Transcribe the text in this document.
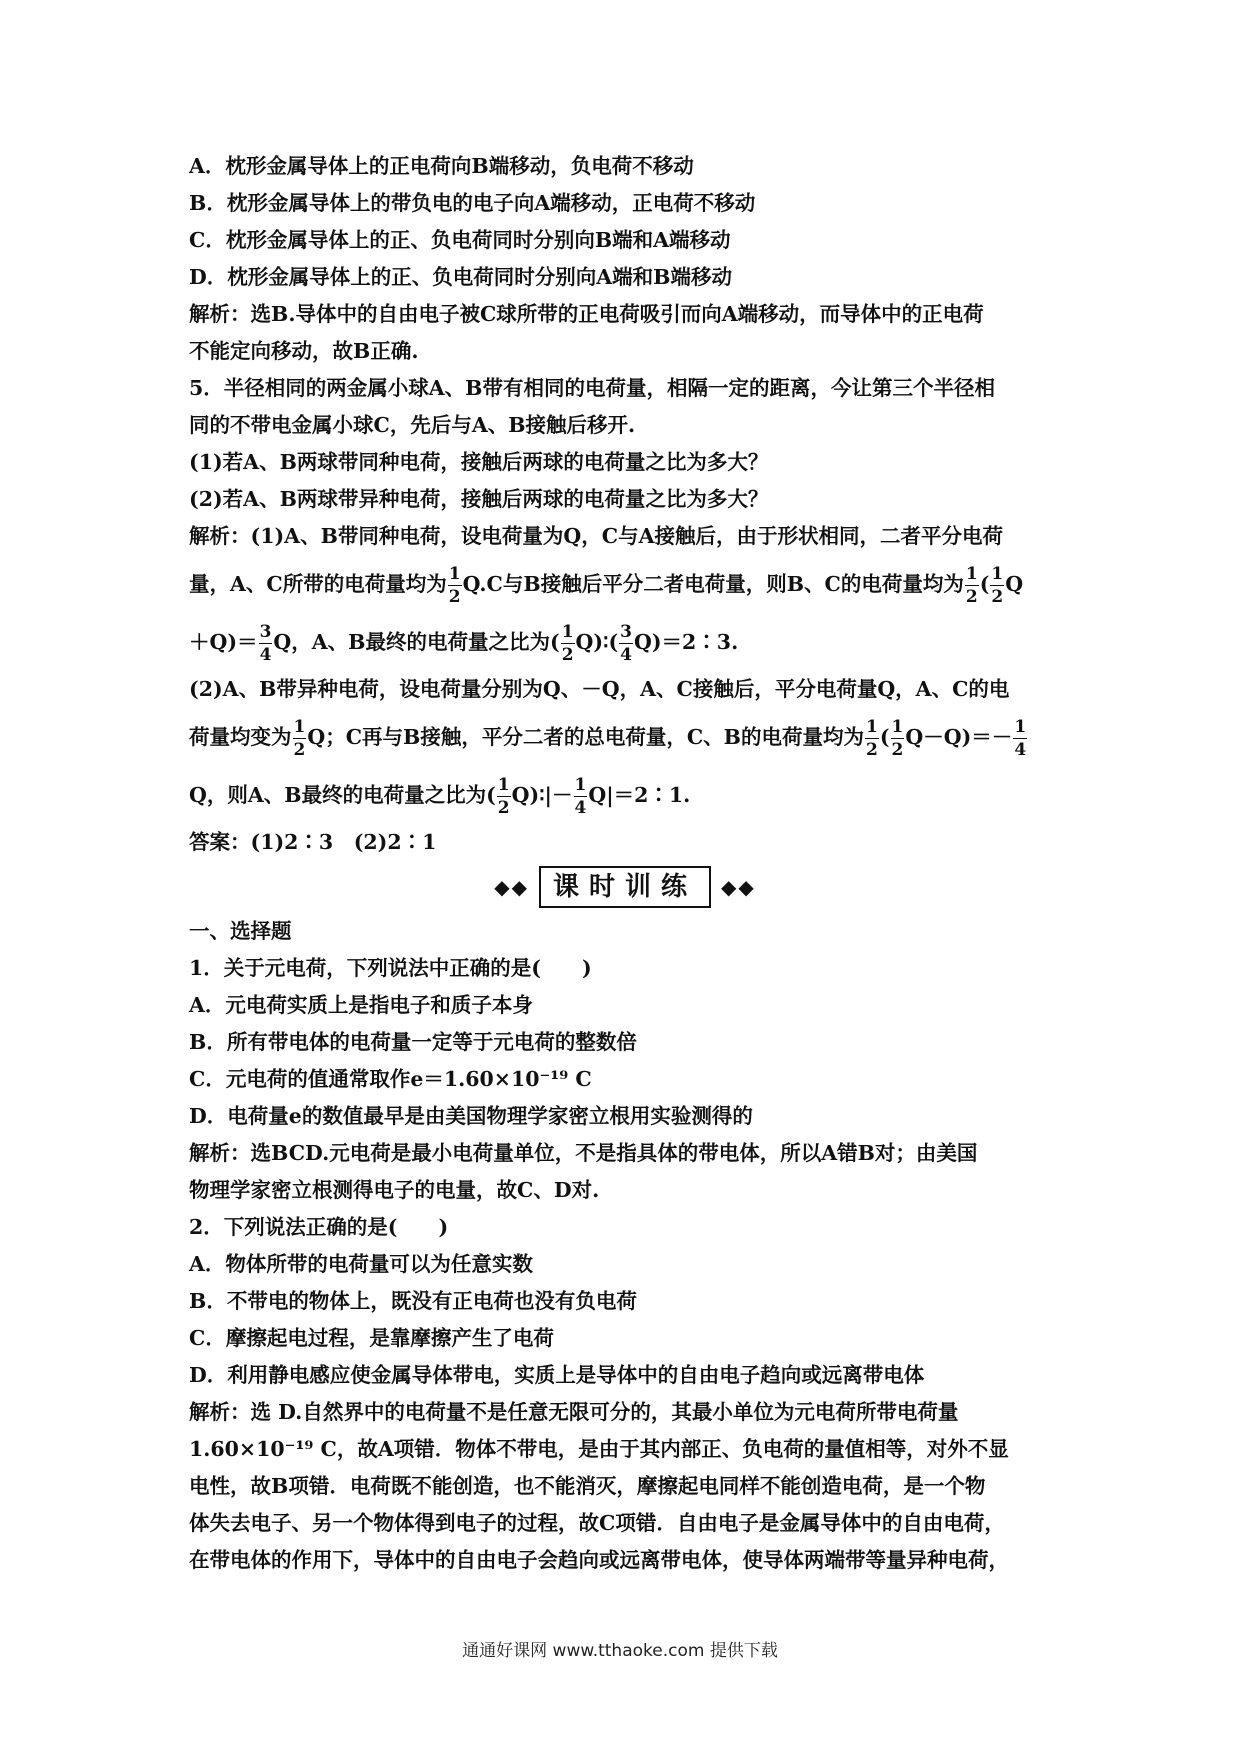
A．枕形金属导体上的正电荷向B端移动，负电荷不移动
B．枕形金属导体上的带负电的电子向A端移动，正电荷不移动
C．枕形金属导体上的正、负电荷同时分别向B端和A端移动
D．枕形金属导体上的正、负电荷同时分别向A端和B端移动
解析：选B.导体中的自由电子被C球所带的正电荷吸引而向A端移动，而导体中的正电荷
不能定向移动，故B正确.
5．半径相同的两金属小球A、B带有相同的电荷量，相隔一定的距离，今让第三个半径相
同的不带电金属小球C，先后与A、B接触后移开.
(1)若A、B两球带同种电荷，接触后两球的电荷量之比为多大？
(2)若A、B两球带异种电荷，接触后两球的电荷量之比为多大？
解析：(1)A、B带同种电荷，设电荷量为Q，C与A接触后，由于形状相同，二者平分电荷
量，A、C所带的电荷量均为 $\frac{1}{2} Q.C$与B接触后平分二者电荷量，则B、C的电荷量均为 $\frac{1}{2}$ ( $\frac{1}{2}$ Q
$+Q)= \frac{3}{4}$ Q，A、B最终的电荷量之比为( $\frac{1}{2}$ Q)∶( $\frac{3}{4}$ Q)＝2∶3.
(2)A、B带异种电荷，设电荷量分别为Q、－Q，A、C接触后，平分电荷量Q，A、C的电
荷量均变为 $\frac{1}{2}$ Q；C再与B接触，平分二者的总电荷量，C、B的电荷量均为 $\frac{1}{2}$ ( $\frac{1}{2} Q-Q)=- \frac{1}{4}$
Q，则A、B最终的电荷量之比为( $\frac{1}{2}$ Q)∶|－ $\frac{1}{4}$ Q|＝2∶1.
答案：(1)2∶3　(2)2∶1
◆◆ 课时训练	◆◆
一、选择题
1．关于元电荷，下列说法中正确的是(　　)
A．元电荷实质上是指电子和质子本身
B．所有带电体的电荷量一定等于元电荷的整数倍
C．元电荷的值通常取作e＝1.60×10⁻¹⁹ C
D．电荷量e的数值最早是由美国物理学家密立根用实验测得的
解析：选BCD.元电荷是最小电荷量单位，不是指具体的带电体，所以A错B对；由美国
物理学家密立根测得电子的电量，故C、D对.
2．下列说法正确的是(　　)
A．物体所带的电荷量可以为任意实数
B．不带电的物体上，既没有正电荷也没有负电荷
C．摩擦起电过程，是靠摩擦产生了电荷
D．利用静电感应使金属导体带电，实质上是导体中的自由电子趋向或远离带电体
解析：选 D.自然界中的电荷量不是任意无限可分的，其最小单位为元电荷所带电荷量
1.60×10⁻¹⁹ C，故A项错．物体不带电，是由于其内部正、负电荷的量值相等，对外不显
电性，故B项错．电荷既不能创造，也不能消灭，摩擦起电同样不能创造电荷，是一个物
体失去电子、另一个物体得到电子的过程，故C项错．自由电子是金属导体中的自由电荷，
在带电体的作用下，导体中的自由电子会趋向或远离带电体，使导体两端带等量异种电荷，
通通好课网 www.tthaoke.com 提供下载
